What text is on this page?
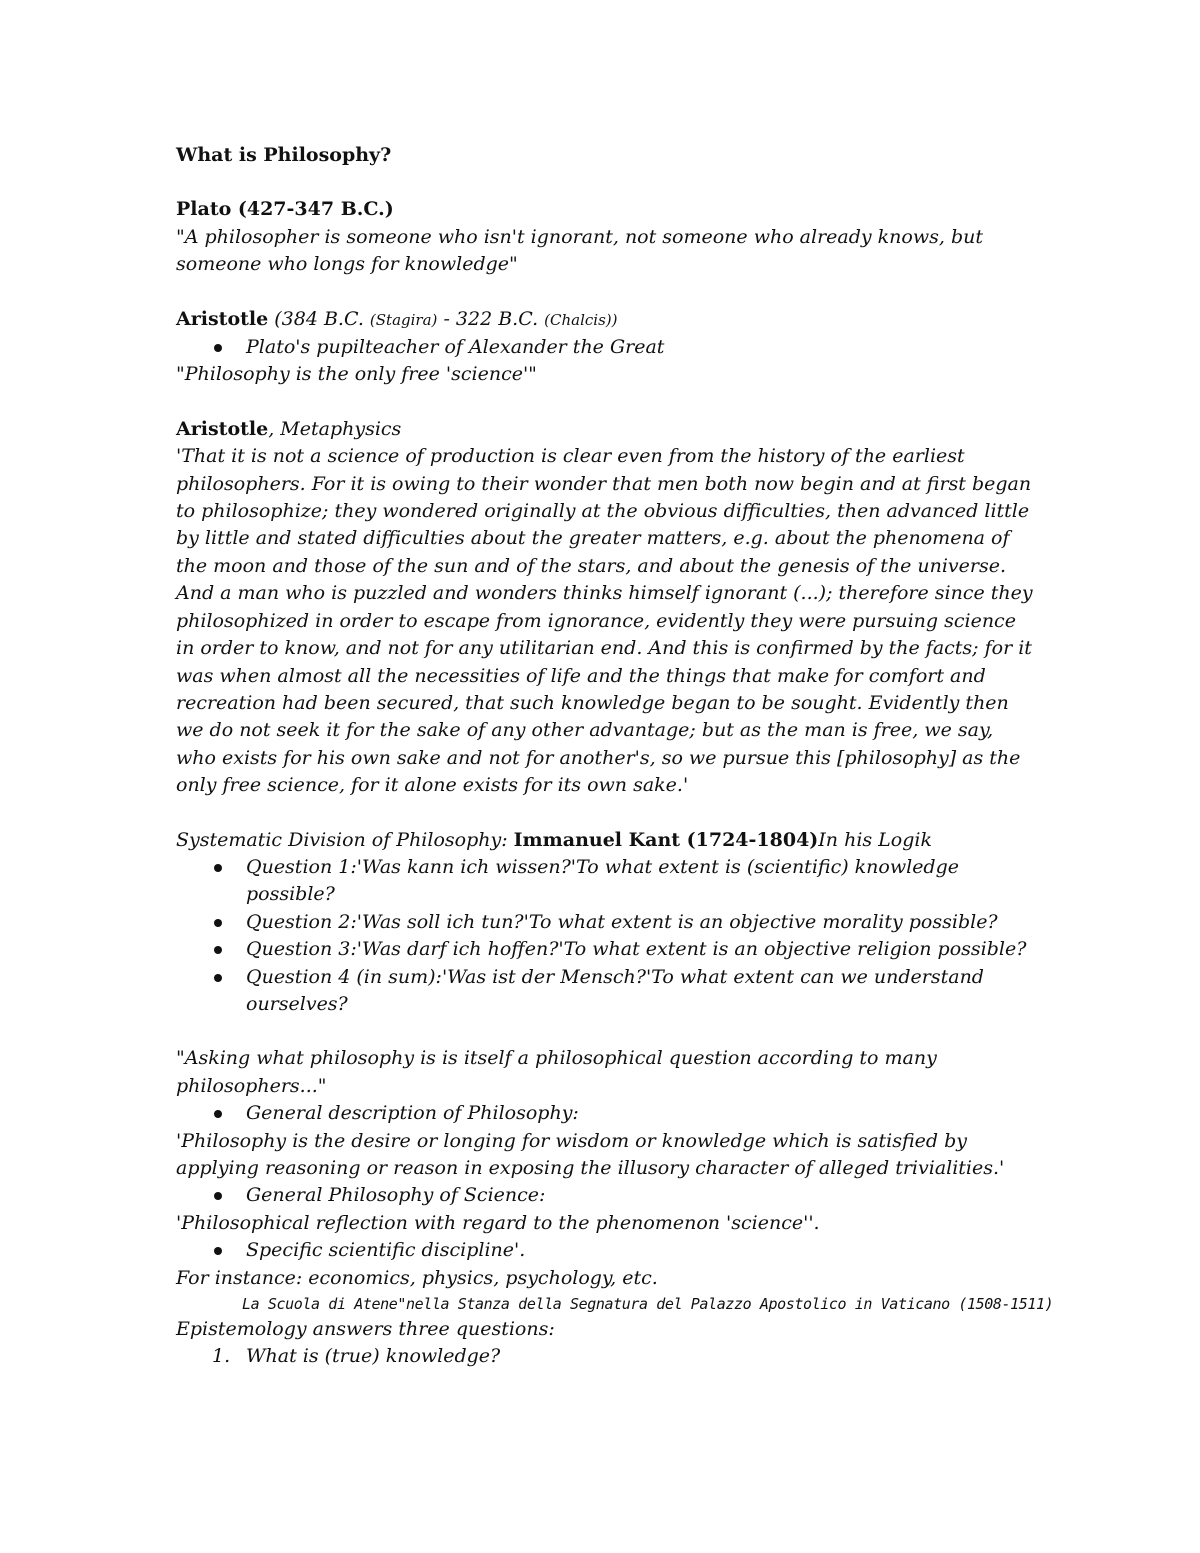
What is Philosophy?
Plato (427-347 B.C.)
"A philosopher is someone who isn't ignorant, not someone who already knows, but someone who longs for knowledge"
Aristotle (384 B.C. (Stagira) - 322 B.C. (Chalcis))
Plato's pupilteacher of Alexander the Great
"Philosophy is the only free 'science'"
Aristotle, Metaphysics
'That it is not a science of production is clear even from the history of the earliest philosophers. For it is owing to their wonder that men both now begin and at first began to philosophize; they wondered originally at the obvious difficulties, then advanced little by little and stated difficulties about the greater matters, e.g. about the phenomena of the moon and those of the sun and of the stars, and about the genesis of the universe. And a man who is puzzled and wonders thinks himself ignorant (...); therefore since they philosophized in order to escape from ignorance, evidently they were pursuing science in order to know, and not for any utilitarian end. And this is confirmed by the facts; for it was when almost all the necessities of life and the things that make for comfort and recreation had been secured, that such knowledge began to be sought. Evidently then we do not seek it for the sake of any other advantage; but as the man is free, we say, who exists for his own sake and not for another's, so we pursue this [philosophy] as the only free science, for it alone exists for its own sake.'
Systematic Division of Philosophy: Immanuel Kant (1724-1804)In his Logik
Question 1:'Was kann ich wissen?'To what extent is (scientific) knowledge possible?
Question 2:'Was soll ich tun?'To what extent is an objective morality possible?
Question 3:'Was darf ich hoffen?'To what extent is an objective religion possible?
Question 4 (in sum):'Was ist der Mensch?'To what extent can we understand ourselves?
"Asking what philosophy is is itself a philosophical question according to many philosophers..."
General description of Philosophy:
'Philosophy is the desire or longing for wisdom or knowledge which is satisfied by applying reasoning or reason in exposing the illusory character of alleged trivialities.'
General Philosophy of Science:
'Philosophical reflection with regard to the phenomenon 'science''.
Specific scientific discipline'.
For instance: economics, physics, psychology, etc.
La Scuola di Atene"nella Stanza della Segnatura del Palazzo Apostolico in Vaticano (1508-1511)
Epistemology answers three questions:
1. What is (true) knowledge?
